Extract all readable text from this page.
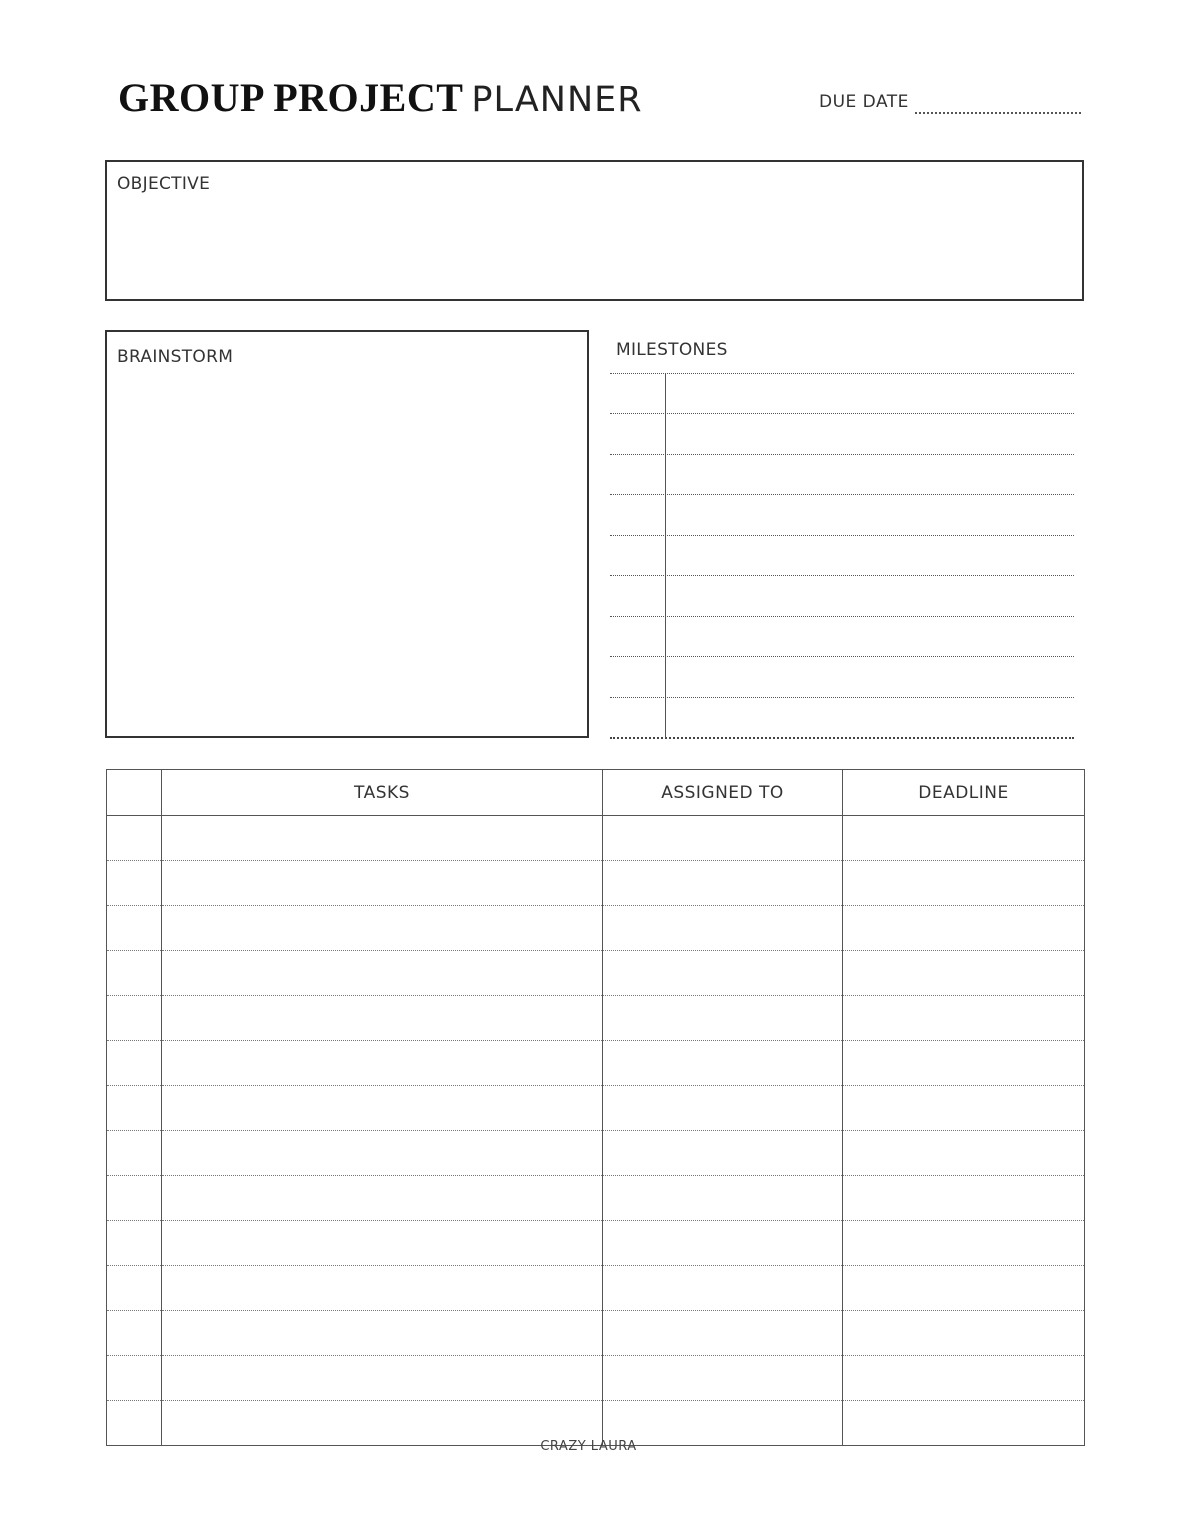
GROUP PROJECT PLANNER	DUE DATE
OBJECTIVE
BRAINSTORM	MILESTONES
	TASKS	ASSIGNED TO	DEADLINE

CRAZY LAURA
